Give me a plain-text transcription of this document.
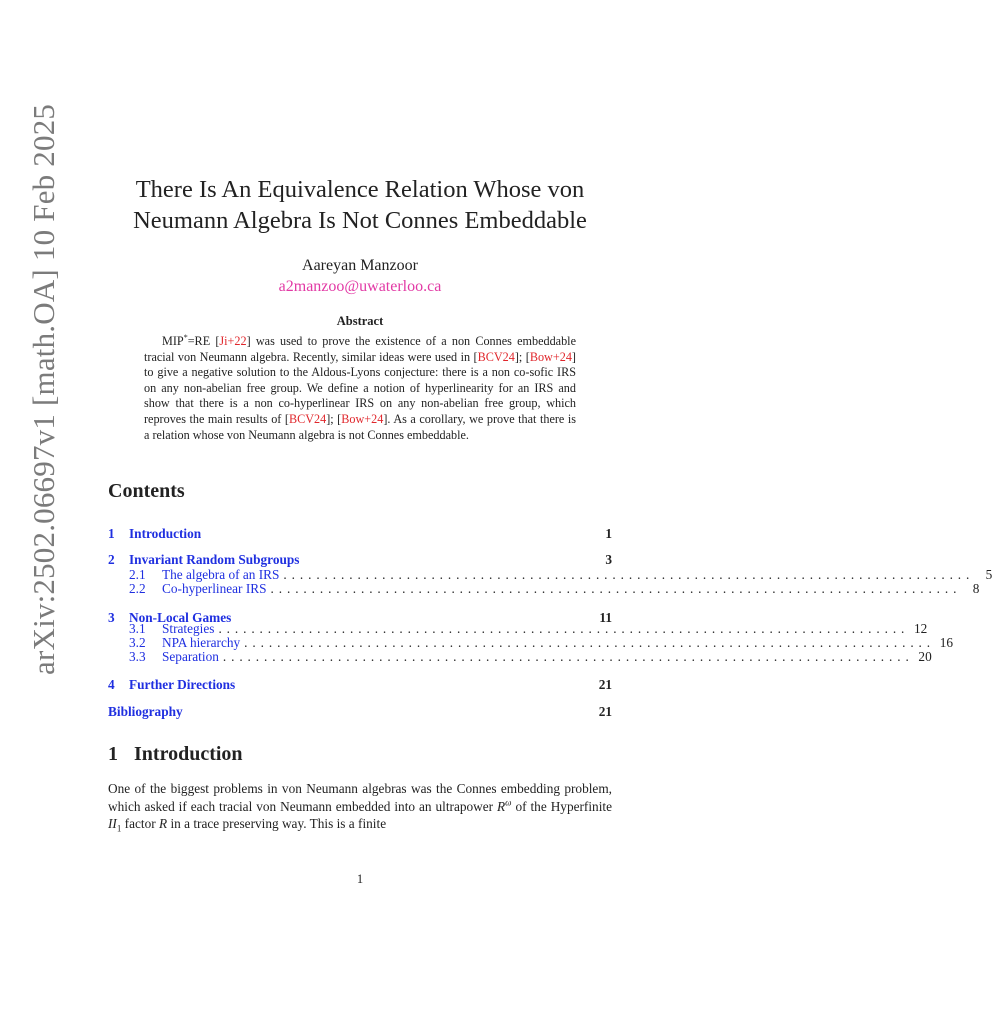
arXiv:2502.06697v1 [math.OA] 10 Feb 2025	There Is An Equivalence Relation Whose von Neumann Algebra Is Not Connes Embeddable
Aareyan Manzoor
a2manzoo@uwaterloo.ca
Abstract

MIP*=RE [Ji+22] was used to prove the existence of a non Connes embeddable tracial von Neumann algebra. Recently, similar ideas were used in [BCV24]; [Bow+24] to give a negative solution to the Aldous-Lyons conjecture: there is a non co-sofic IRS on any non-abelian free group. We define a notion of hyperlinearity for an IRS and show that there is a non co-hyperlinear IRS on any non-abelian free group, which reproves the main results of [BCV24]; [Bow+24]. As a corollary, we prove that there is a relation whose von Neumann algebra is not Connes embeddable.

Contents
1	Introduction	1
2	Invariant Random Subgroups	3
2.1	The algebra of an IRS .................................................................................... 5
2.2	Co-hyperlinear IRS .................................................................................... 8
3	Non-Local Games	11
3.1	Strategies .................................................................................... 12
3.2	NPA hierarchy .................................................................................... 16
3.3	Separation .................................................................................... 20
4	Further Directions	21
Bibliography	21
1 Introduction

One of the biggest problems in von Neumann algebras was the Connes embedding problem, which asked if each tracial von Neumann embedded into an ultrapower $R^\omega$ of the Hyperfinite $II_1$ factor R in a trace preserving way. This is a finite

1
